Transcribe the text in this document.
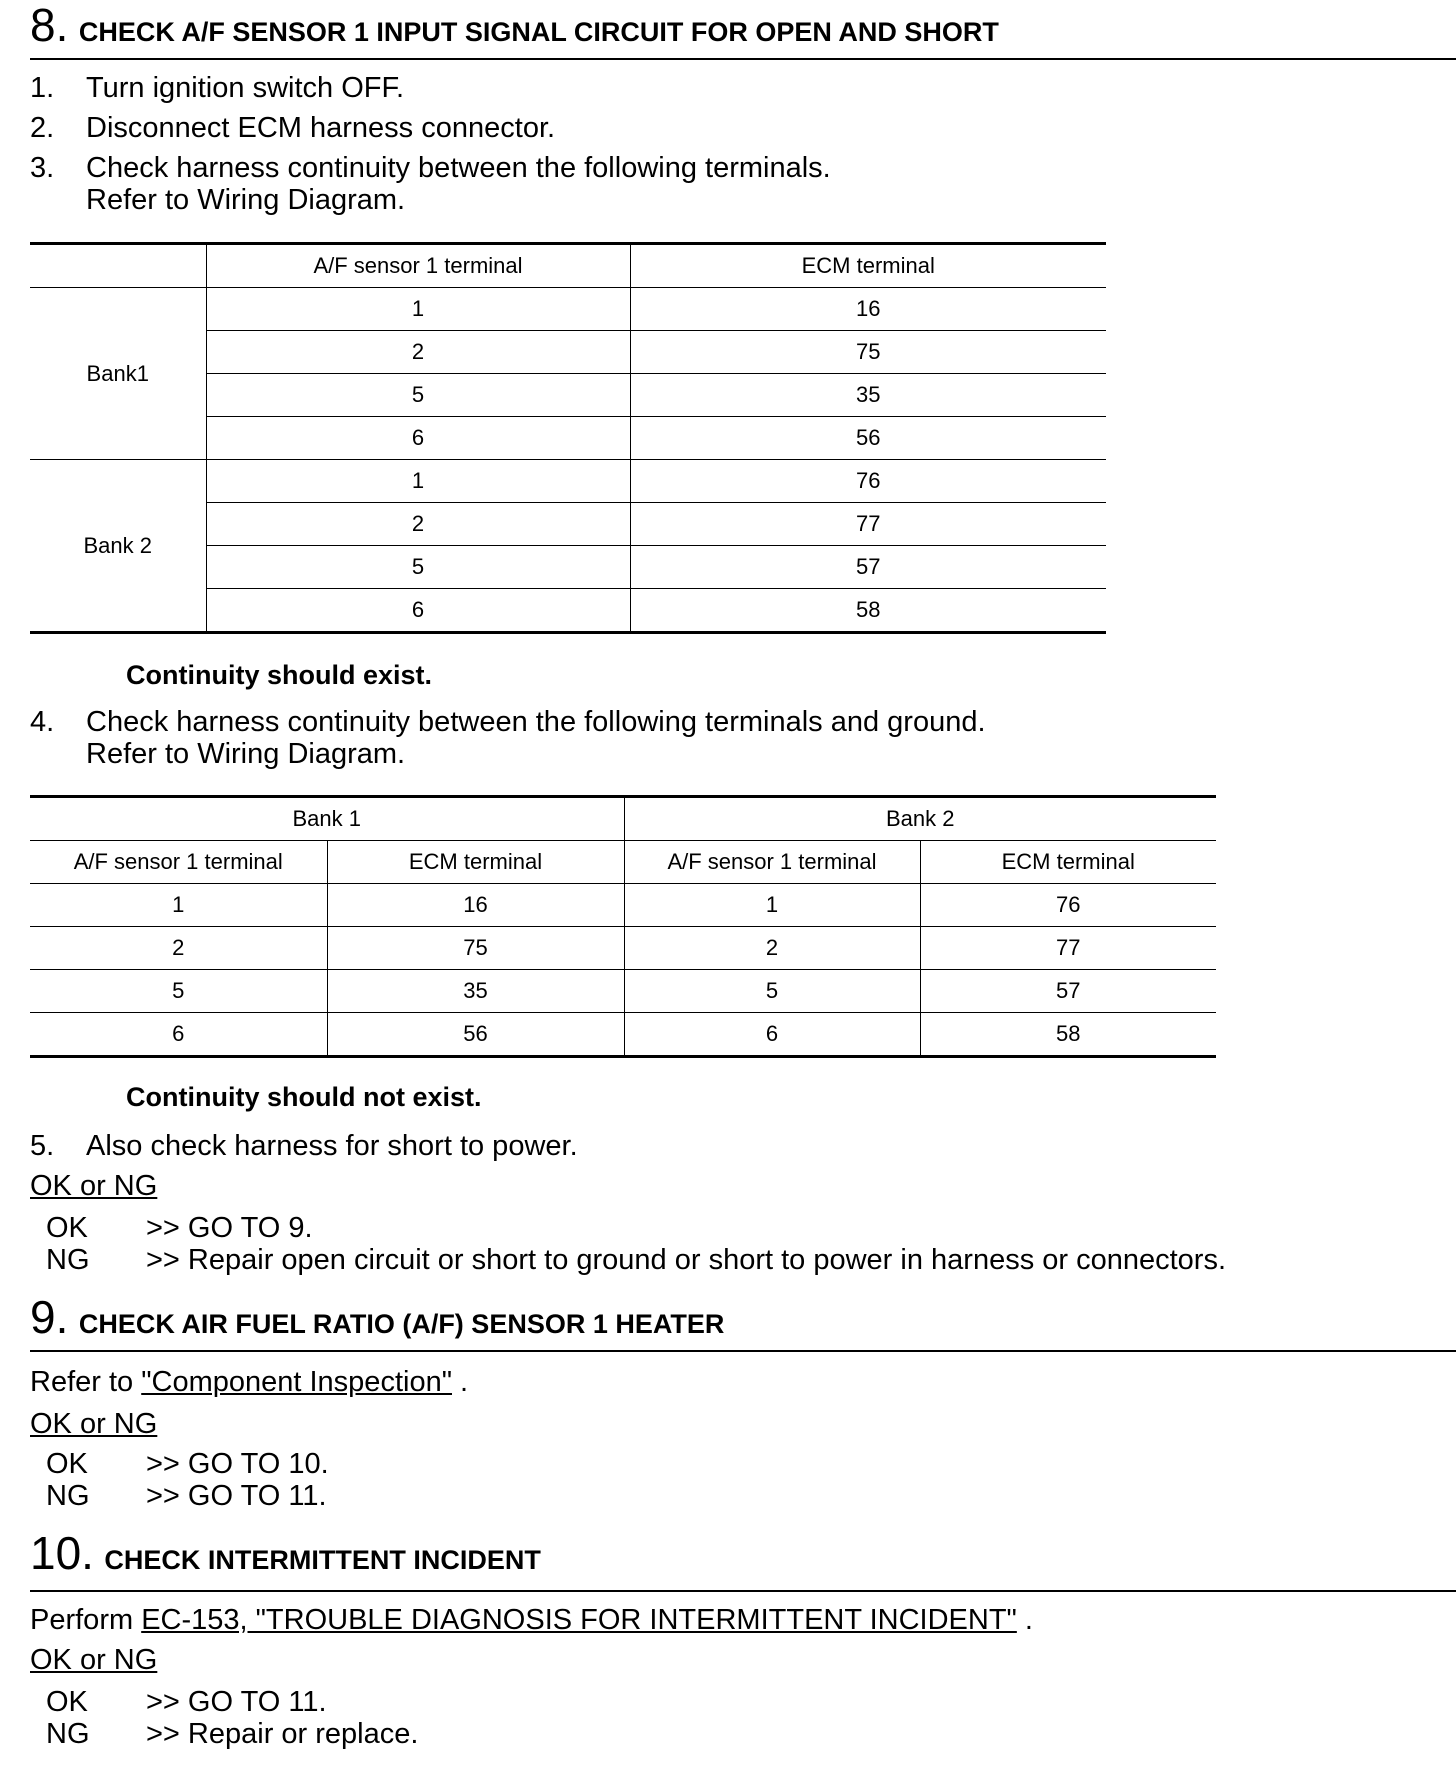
8. CHECK A/F SENSOR 1 INPUT SIGNAL CIRCUIT FOR OPEN AND SHORT
1. Turn ignition switch OFF.
2. Disconnect ECM harness connector.
3. Check harness continuity between the following terminals.
Refer to Wiring Diagram.
	A/F sensor 1 terminal	ECM terminal
Bank1	1	16
	2	75
	5	35
	6	56
Bank 2	1	76
	2	77
	5	57
	6	58
Continuity should exist.
4. Check harness continuity between the following terminals and ground.
Refer to Wiring Diagram.
Bank 1		Bank 2	
A/F sensor 1 terminal	ECM terminal	A/F sensor 1 terminal	ECM terminal
1	16	1	76
2	75	2	77
5	35	5	57
6	56	6	58
Continuity should not exist.
5. Also check harness for short to power.
OK or NG
OK >> GO TO 9.
NG >> Repair open circuit or short to ground or short to power in harness or connectors.
9. CHECK AIR FUEL RATIO (A/F) SENSOR 1 HEATER
Refer to "Component Inspection" .
OK or NG
OK >> GO TO 10.
NG >> GO TO 11.
10. CHECK INTERMITTENT INCIDENT
Perform EC-153, "TROUBLE DIAGNOSIS FOR INTERMITTENT INCIDENT" .
OK or NG
OK >> GO TO 11.
NG >> Repair or replace.
